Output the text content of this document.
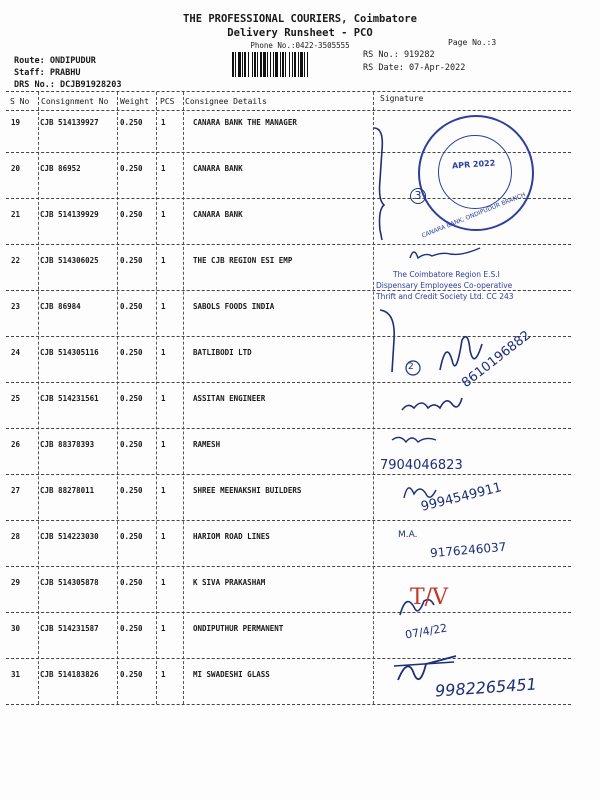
THE PROFESSIONAL COURIERS, Coimbatore
Delivery Runsheet - PCO
Phone No.:0422-3505555	Page No.:3
Route: ONDIPUDUR
Staff: PRABHU
DRS No.: DCJB91928203
RS No.: 919282
RS Date: 07-Apr-2022
S No Consignment No Weight PCS Consignee Details	Signature
19	CJB 514139927	0.250 1	CANARA BANK THE MANAGER
20	CJB 86952	0.250 1	CANARA BANK
21	CJB 514139929	0.250 1	CANARA BANK
22	CJB 514306025	0.250 1	THE CJB REGION ESI EMP
23	CJB 86984	0.250 1	SABOLS FOODS INDIA
24	CJB 514305116	0.250 1	BATLIBODI LTD
25	CJB 514231561	0.250 1	ASSITAN ENGINEER
26	CJB 88378393	0.250 1	RAMESH
27	CJB 88278011	0.250 1	SHREE MEENAKSHI BUILDERS
28	CJB 514223030	0.250 1	HARIOM ROAD LINES
29	CJB 514305878	0.250 1	K SIVA PRAKASHAM
30	CJB 514231587	0.250 1	ONDIPUTHUR PERMANENT
31	CJB 514183826	0.250 1	MI SWADESHI GLASS
APR 2022
CANARA BANK, ONDIPUDUR BRANCH
The Coimbatore Region E.S.I
Dispensary Employees Co-operative
Thrift and Credit Society Ltd. CC 243
3
2	8610196882
7904046823
9994549911
M.A.
9176246037
T/V
07/4/22
9982265451
